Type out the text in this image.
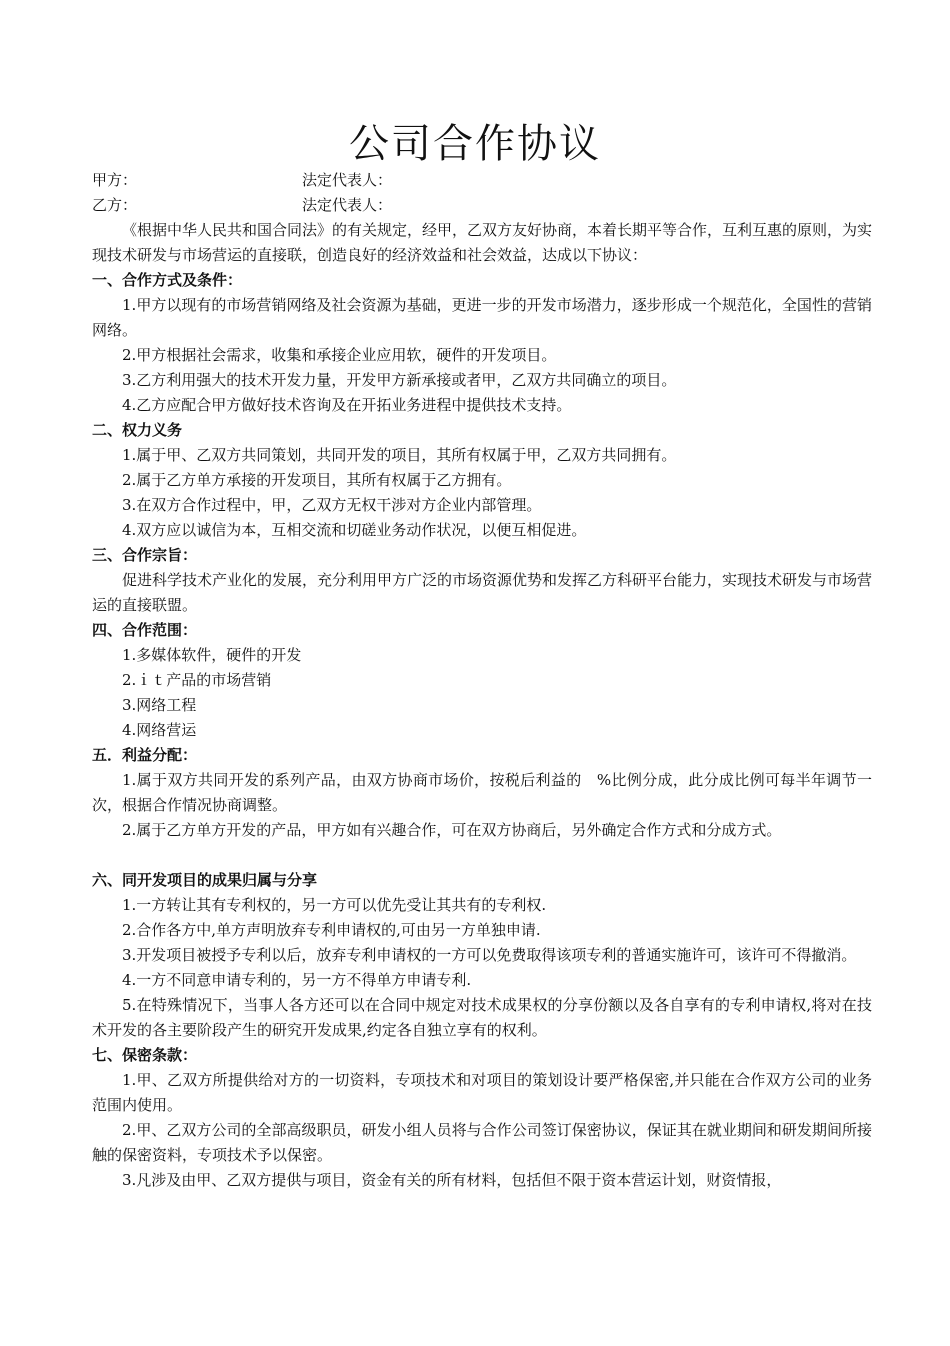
公司合作协议
甲方：	法定代表人：
乙方：	法定代表人：

《根据中华人民共和国合同法》的有关规定，经甲，乙双方友好协商，本着长期平等合作，互利互惠的原则，为实现技术研发与市场营运的直接联，创造良好的经济效益和社会效益，达成以下协议：

一、合作方式及条件：

1.甲方以现有的市场营销网络及社会资源为基础，更进一步的开发市场潜力，逐步形成一个规范化，全国性的营销网络。

2.甲方根据社会需求，收集和承接企业应用软，硬件的开发项目。

3.乙方利用强大的技术开发力量，开发甲方新承接或者甲，乙双方共同确立的项目。

4.乙方应配合甲方做好技术咨询及在开拓业务进程中提供技术支持。

二、权力义务

1.属于甲、乙双方共同策划，共同开发的项目，其所有权属于甲，乙双方共同拥有。

2.属于乙方单方承接的开发项目，其所有权属于乙方拥有。

3.在双方合作过程中，甲，乙双方无权干涉对方企业内部管理。

4.双方应以诚信为本，互相交流和切磋业务动作状况，以便互相促进。

三、合作宗旨：

促进科学技术产业化的发展，充分利用甲方广泛的市场资源优势和发挥乙方科研平台能力，实现技术研发与市场营运的直接联盟。

四、合作范围：

1.多媒体软件，硬件的开发

2.ｉｔ产品的市场营销

3.网络工程

4.网络营运

五．利益分配：

1.属于双方共同开发的系列产品，由双方协商市场价，按税后利益的　%比例分成，此分成比例可每半年调节一次，根据合作情况协商调整。

2.属于乙方单方开发的产品，甲方如有兴趣合作，可在双方协商后，另外确定合作方式和分成方式。

六、同开发项目的成果归属与分享

1.一方转让其有专利权的，另一方可以优先受让其共有的专利权.

2.合作各方中,单方声明放弃专利申请权的,可由另一方单独申请.

3.开发项目被授予专利以后，放弃专利申请权的一方可以免费取得该项专利的普通实施许可，该许可不得撤消。

4.一方不同意申请专利的，另一方不得单方申请专利.

5.在特殊情况下，当事人各方还可以在合同中规定对技术成果权的分享份额以及各自享有的专利申请权,将对在技术开发的各主要阶段产生的研究开发成果,约定各自独立享有的权利。

七、保密条款：

1.甲、乙双方所提供给对方的一切资料，专项技术和对项目的策划设计要严格保密,并只能在合作双方公司的业务范围内使用。

2.甲、乙双方公司的全部高级职员，研发小组人员将与合作公司签订保密协议，保证其在就业期间和研发期间所接触的保密资料，专项技术予以保密。

3.凡涉及由甲、乙双方提供与项目，资金有关的所有材料，包括但不限于资本营运计划，财资情报，
